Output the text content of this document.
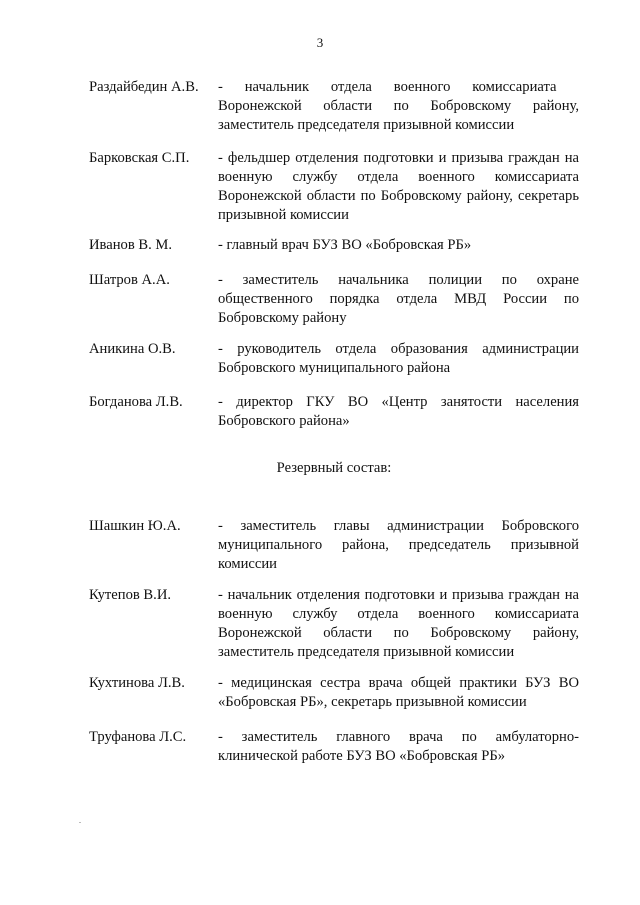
3
Раздайбедин А.В. -      начальник      отдела      военного      комиссариата
Воронежской области по Бобровскому району, заместитель председателя призывной комиссии
Барковская С.П. - фельдшер отделения подготовки и призыва граждан на военную службу отдела военного комиссариата Воронежской области по Бобровскому району, секретарь призывной комиссии
Иванов В. М.	- главный врач БУЗ ВО «Бобровская РБ»
Шатров А.А.	- заместитель начальника полиции по охране общественного порядка отдела МВД России по Бобровскому району
Аникина О.В.	- руководитель отдела образования администрации Бобровского муниципального района
Богданова Л.В. - директор ГКУ ВО «Центр занятости населения Бобровского района»
Резервный состав:
Шашкин Ю.А.	- заместитель главы администрации Бобровского муниципального района, председатель призывной комиссии
Кутепов В.И.	- начальник отделения подготовки и призыва граждан на военную службу отдела военного комиссариата Воронежской области по Бобровскому району, заместитель председателя призывной комиссии
Кухтинова Л.В. - медицинская сестра врача общей практики БУЗ ВО «Бобровская РБ», секретарь призывной комиссии
Труфанова Л.С. - заместитель главного врача по амбулаторно-клинической работе БУЗ ВО «Бобровская РБ»
